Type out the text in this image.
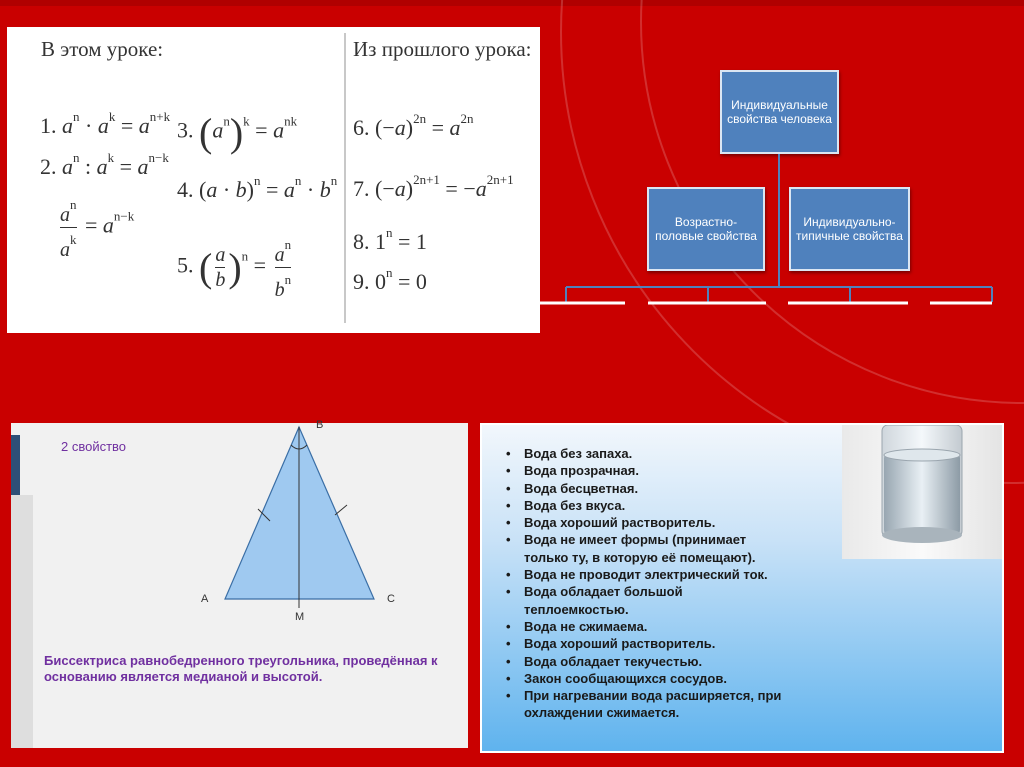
В этом уроке:	Из прошлого урока:
1. $a^n \cdot a^k = a^{n+k}$
2. $a^n$ : $a^k = a^{n-k}$
$\frac{a^n}{a^k} = a^{n-k}$
3. $(a^n)^k = a^{nk}$
4. $(a \cdot b)^n = a^n \cdot b^n$
5. ( $\frac{a}{b} )^n = \frac{a^n}{b^n}$
6. $(-a)^{2n} = a^{2n}$
7. $(-a)^{2n+1} = -a^{2n+1}$
8. $1^n = 1$
9. $0^n = 0$
Индивидуальные свойства человека
Возрастно-половые свойства
Индивидуально-типичные свойства
2 свойство
B
A	C
M
Биссектриса равнобедренного треугольника, проведённая к основанию является медианой и высотой.
• Вода без запаха.
• Вода прозрачная.
• Вода бесцветная.
• Вода без вкуса.
• Вода хороший растворитель.
• Вода не имеет формы (принимает
только ту, в которую её помещают).
• Вода не проводит электрический ток.
• Вода обладает большой
теплоемкостью.
• Вода не сжимаема.
• Вода хороший растворитель.
• Вода обладает текучестью.
• Закон сообщающихся сосудов.
• При нагревании вода расширяется, при
охлаждении сжимается.
